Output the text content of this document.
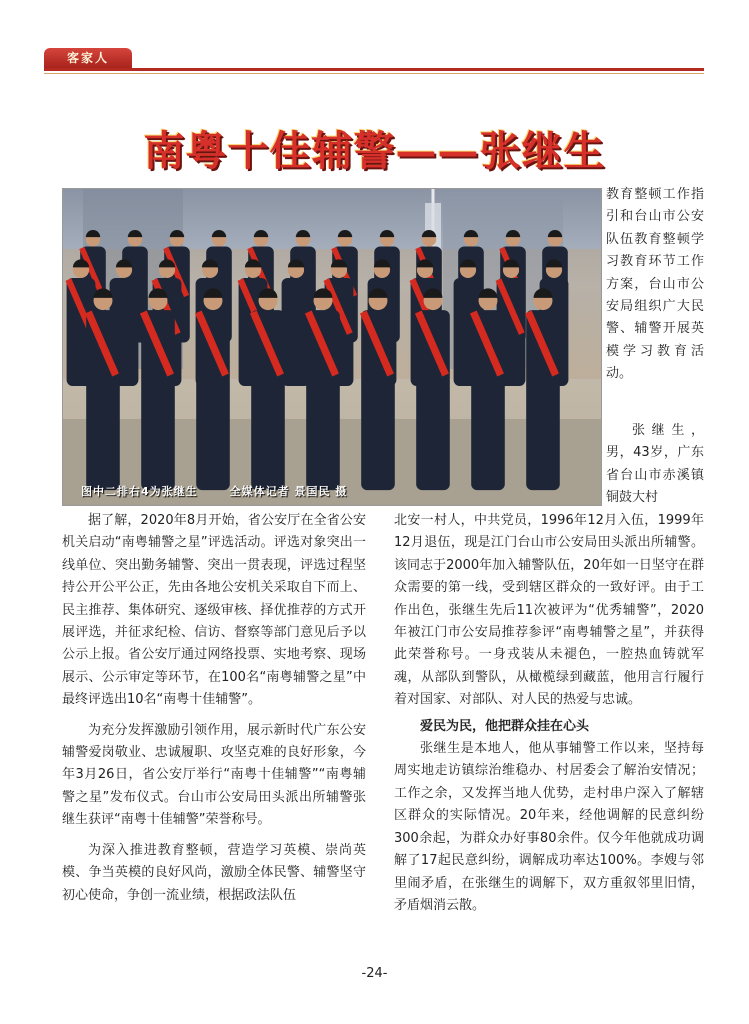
客家人
南粤十佳辅警——张继生
图中二排右4为张继生	全媒体记者 景国民 摄

教育整顿工作指引和台山市公安队伍教育整顿学习教育环节工作方案，台山市公安局组织广大民警、辅警开展英模学习教育活动。

张继生，男，43岁，广东省台山市赤溪镇铜鼓大村

据了解，2020年8月开始，省公安厅在全省公安机关启动“南粤辅警之星”评选活动。评选对象突出一线单位、突出勤务辅警、突出一贯表现，评选过程坚持公开公平公正，先由各地公安机关采取自下而上、民主推荐、集体研究、逐级审核、择优推荐的方式开展评选，并征求纪检、信访、督察等部门意见后予以公示上报。省公安厅通过网络投票、实地考察、现场展示、公示审定等环节，在100名“南粤辅警之星”中最终评选出10名“南粤十佳辅警”。

为充分发挥激励引领作用，展示新时代广东公安辅警爱岗敬业、忠诚履职、攻坚克难的良好形象，今年3月26日，省公安厅举行“南粤十佳辅警”“南粤辅警之星”发布仪式。台山市公安局田头派出所辅警张继生获评“南粤十佳辅警”荣誉称号。

为深入推进教育整顿，营造学习英模、崇尚英模、争当英模的良好风尚，激励全体民警、辅警坚守初心使命，争创一流业绩，根据政法队伍

北安一村人，中共党员，1996年12月入伍，1999年12月退伍，现是江门台山市公安局田头派出所辅警。该同志于2000年加入辅警队伍，20年如一日坚守在群众需要的第一线，受到辖区群众的一致好评。由于工作出色，张继生先后11次被评为“优秀辅警”，2020年被江门市公安局推荐参评“南粤辅警之星”，并获得此荣誉称号。一身戎装从未褪色，一腔热血铸就军魂，从部队到警队，从橄榄绿到藏蓝，他用言行履行着对国家、对部队、对人民的热爱与忠诚。

爱民为民，他把群众挂在心头

张继生是本地人，他从事辅警工作以来，坚持每周实地走访镇综治维稳办、村居委会了解治安情况；工作之余，又发挥当地人优势，走村串户深入了解辖区群众的实际情况。20年来，经他调解的民意纠纷300余起，为群众办好事80余件。仅今年他就成功调解了17起民意纠纷，调解成功率达100%。李嫂与邻里闹矛盾，在张继生的调解下，双方重叙邻里旧情，矛盾烟消云散。

-24-
